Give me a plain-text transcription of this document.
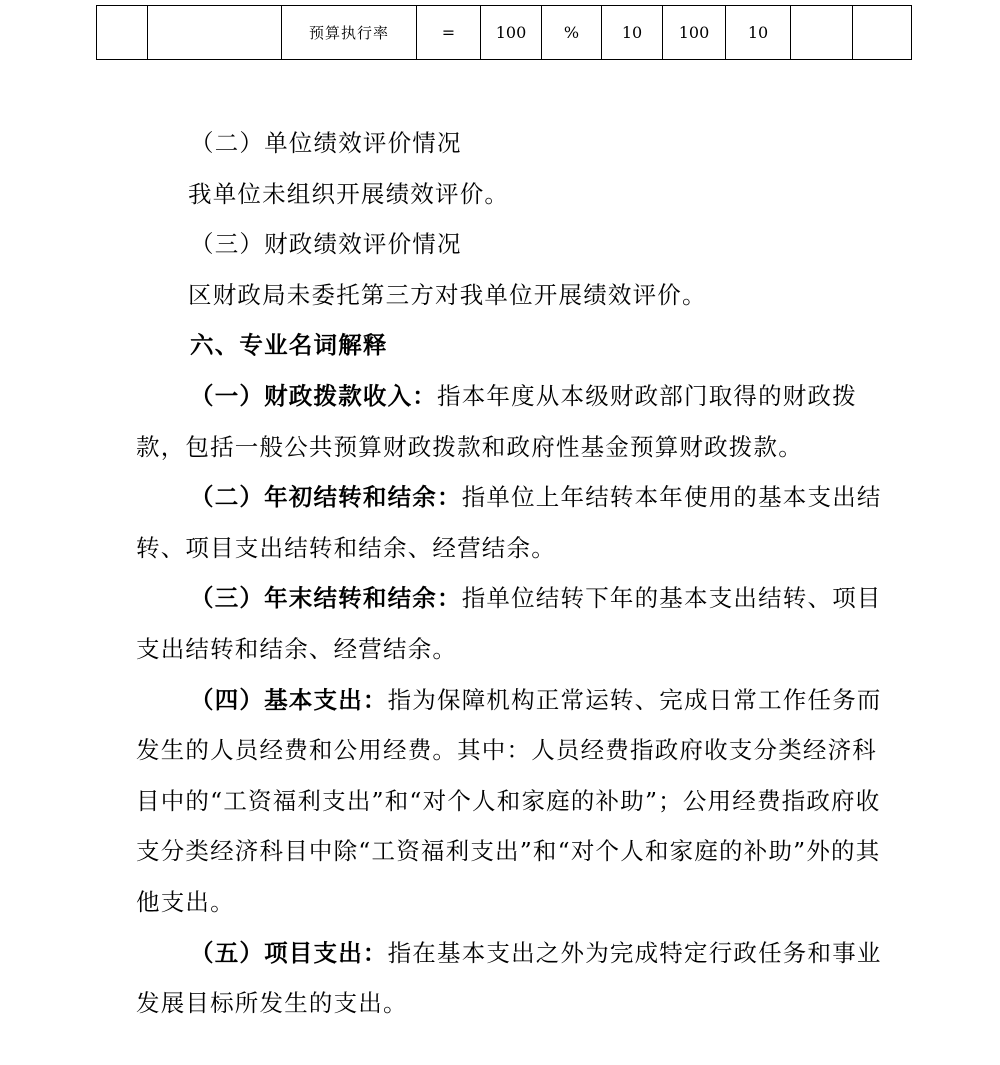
		预算执行率	=	100	%	10	100	10		

（二）单位绩效评价情况

我单位未组织开展绩效评价。

（三）财政绩效评价情况

区财政局未委托第三方对我单位开展绩效评价。

六、专业名词解释

（一）财政拨款收入：指本年度从本级财政部门取得的财政拨款，包括一般公共预算财政拨款和政府性基金预算财政拨款。

（二）年初结转和结余：指单位上年结转本年使用的基本支出结转、项目支出结转和结余、经营结余。

（三）年末结转和结余：指单位结转下年的基本支出结转、项目支出结转和结余、经营结余。

（四）基本支出：指为保障机构正常运转、完成日常工作任务而发生的人员经费和公用经费。其中：人员经费指政府收支分类经济科目中的“工资福利支出”和“对个人和家庭的补助”；公用经费指政府收支分类经济科目中除“工资福利支出”和“对个人和家庭的补助”外的其他支出。

（五）项目支出：指在基本支出之外为完成特定行政任务和事业发展目标所发生的支出。
